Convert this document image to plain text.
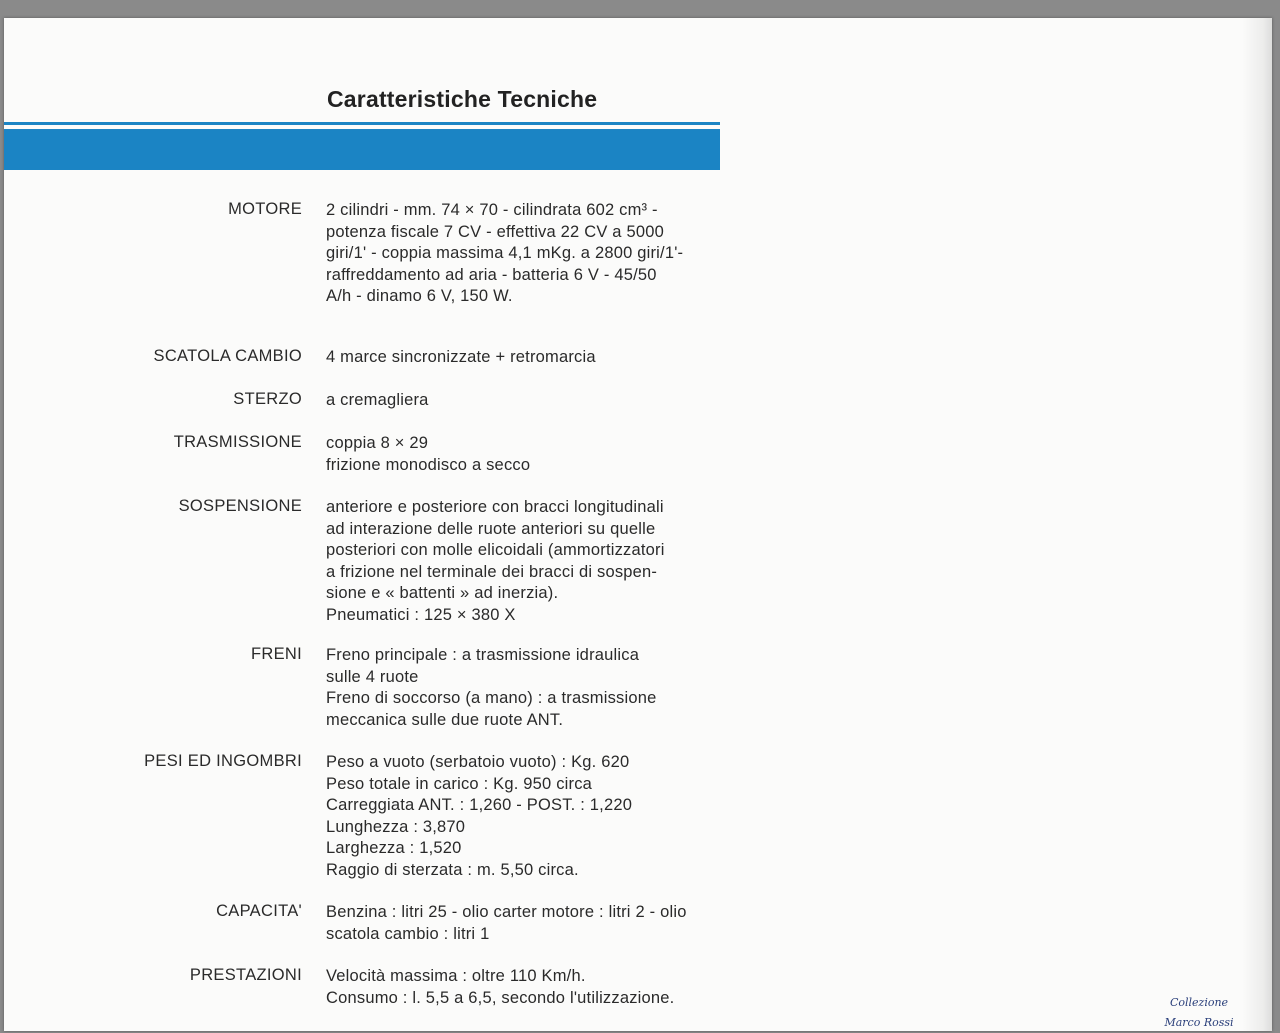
Caratteristiche Tecniche
MOTORE 2 cilindri - mm. 74 × 70 - cilindrata 602 cm³ -
potenza fiscale 7 CV - effettiva 22 CV a 5000
giri/1' - coppia massima 4,1 mKg. a 2800 giri/1'-
raffreddamento ad aria - batteria 6 V - 45/50
A/h - dinamo 6 V, 150 W.
SCATOLA CAMBIO 4 marce sincronizzate + retromarcia
STERZO a cremagliera
TRASMISSIONE coppia 8 × 29
frizione monodisco a secco
SOSPENSIONE anteriore e posteriore con bracci longitudinali
ad interazione delle ruote anteriori su quelle
posteriori con molle elicoidali (ammortizzatori
a frizione nel terminale dei bracci di sospen-
sione e « battenti » ad inerzia).
Pneumatici : 125 × 380 X
FRENI Freno principale : a trasmissione idraulica
sulle 4 ruote
Freno di soccorso (a mano) : a trasmissione
meccanica sulle due ruote ANT.
PESI ED INGOMBRI Peso a vuoto (serbatoio vuoto) : Kg. 620
Peso totale in carico : Kg. 950 circa
Carreggiata ANT. : 1,260 - POST. : 1,220
Lunghezza : 3,870
Larghezza : 1,520
Raggio di sterzata : m. 5,50 circa.
CAPACITA' Benzina : litri 25 - olio carter motore : litri 2 - olio
scatola cambio : litri 1
PRESTAZIONI Velocità massima : oltre 110 Km/h.
Consumo : l. 5,5 a 6,5, secondo l'utilizzazione.	Collezione
Marco Rossi
